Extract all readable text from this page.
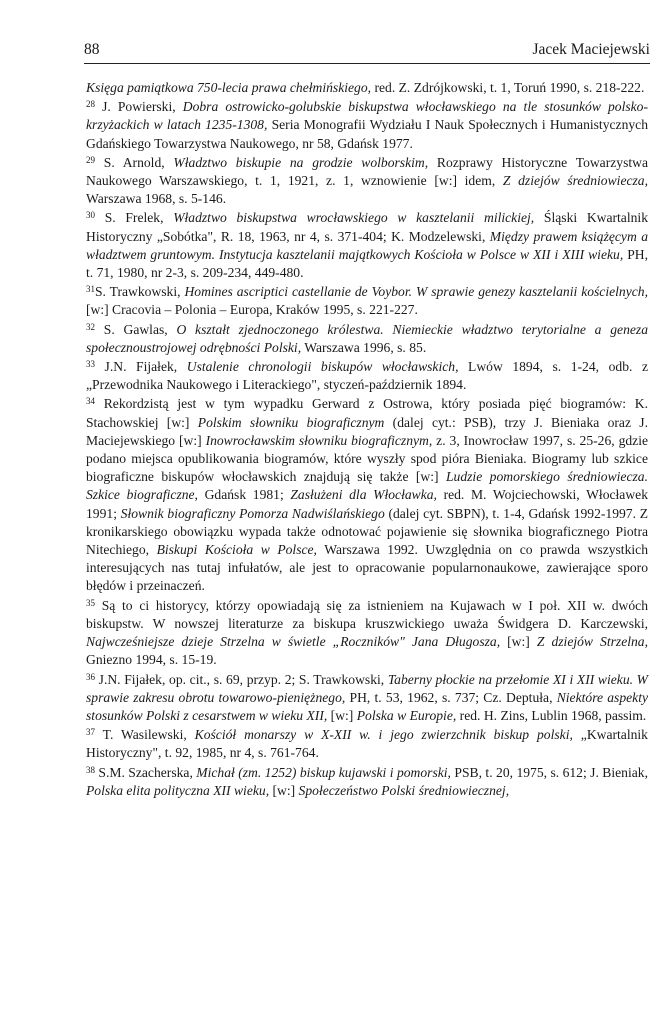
88	Jacek Maciejewski

Księga pamiątkowa 750-lecia prawa chełmińskiego, red. Z. Zdrójkowski, t. 1, Toruń 1990, s. 218-222.

$^{28}$ J. Powierski, Dobra ostrowicko-golubskie biskupstwa włocławskiego na tle stosunków polsko-krzyżackich w latach 1235-1308, Seria Monografii Wydziału I Nauk Społecznych i Humanistycznych Gdańskiego Towarzystwa Naukowego, nr 58, Gdańsk 1977.

$^{29}$ S. Arnold, Władztwo biskupie na grodzie wolborskim, Rozprawy Historyczne Towarzystwa Naukowego Warszawskiego, t. 1, 1921, z. 1, wznowienie [w:] idem, Z dziejów średniowiecza, Warszawa 1968, s. 5-146.

$^{30}$ S. Frelek, Władztwo biskupstwa wrocławskiego w kasztelanii milickiej, Śląski Kwartalnik Historyczny „Sobótka", R. 18, 1963, nr 4, s. 371-404; K. Modzelewski, Między prawem książęcym a władztwem gruntowym. Instytucja kasztelanii majątkowych Kościoła w Polsce w XII i XIII wieku, PH, t. 71, 1980, nr 2-3, s. 209-234, 449-480.

$^{31}$S. Trawkowski, Homines ascriptici castellanie de Voybor. W sprawie genezy kasztelanii kościelnych, [w:] Cracovia – Polonia – Europa, Kraków 1995, s. 221-227.

$^{32}$ S. Gawlas, O kształt zjednoczonego królestwa. Niemieckie władztwo terytorialne a geneza społecznoustrojowej odrębności Polski, Warszawa 1996, s. 85.

$^{33}$ J.N. Fijałek, Ustalenie chronologii biskupów włocławskich, Lwów 1894, s. 1-24, odb. z „Przewodnika Naukowego i Literackiego", styczeń-październik 1894.

$^{34}$ Rekordzistą jest w tym wypadku Gerward z Ostrowa, który posiada pięć biogramów: K. Stachowskiej [w:] Polskim słowniku biograficznym (dalej cyt.: PSB), trzy J. Bieniaka oraz J. Maciejewskiego [w:] Inowrocławskim słowniku biograficznym, z. 3, Inowrocław 1997, s. 25-26, gdzie podano miejsca opublikowania biogramów, które wyszły spod pióra Bieniaka. Biogramy lub szkice biograficzne biskupów włocławskich znajdują się także [w:] Ludzie pomorskiego średniowiecza. Szkice biograficzne, Gdańsk 1981; Zasłużeni dla Włocławka, red. M. Wojciechowski, Włocławek 1991; Słownik biograficzny Pomorza Nadwiślańskiego (dalej cyt. SBPN), t. 1-4, Gdańsk 1992-1997. Z kronikarskiego obowiązku wypada także odnotować pojawienie się słownika biograficznego Piotra Nitechiego, Biskupi Kościoła w Polsce, Warszawa 1992. Uwzględnia on co prawda wszystkich interesujących nas tutaj infułatów, ale jest to opracowanie popularnonaukowe, zawierające sporo błędów i przeinaczeń.

$^{35}$ Są to ci historycy, którzy opowiadają się za istnieniem na Kujawach w I poł. XII w. dwóch biskupstw. W nowszej literaturze za biskupa kruszwickiego uważa Świdgera D. Karczewski, Najwcześniejsze dzieje Strzelna w świetle „Roczników" Jana Długosza, [w:] Z dziejów Strzelna, Gniezno 1994, s. 15-19.

$^{36}$ J.N. Fijałek, op. cit., s. 69, przyp. 2; S. Trawkowski, Taberny płockie na przełomie XI i XII wieku. W sprawie zakresu obrotu towarowo-pieniężnego, PH, t. 53, 1962, s. 737; Cz. Deptuła, Niektóre aspekty stosunków Polski z cesarstwem w wieku XII, [w:] Polska w Europie, red. H. Zins, Lublin 1968, passim.

$^{37}$ T. Wasilewski, Kościół monarszy w X-XII w. i jego zwierzchnik biskup polski, „Kwartalnik Historyczny", t. 92, 1985, nr 4, s. 761-764.

$^{38}$ S.M. Szacherska, Michał (zm. 1252) biskup kujawski i pomorski, PSB, t. 20, 1975, s. 612; J. Bieniak, Polska elita polityczna XII wieku, [w:] Społeczeństwo Polski średniowiecznej,
